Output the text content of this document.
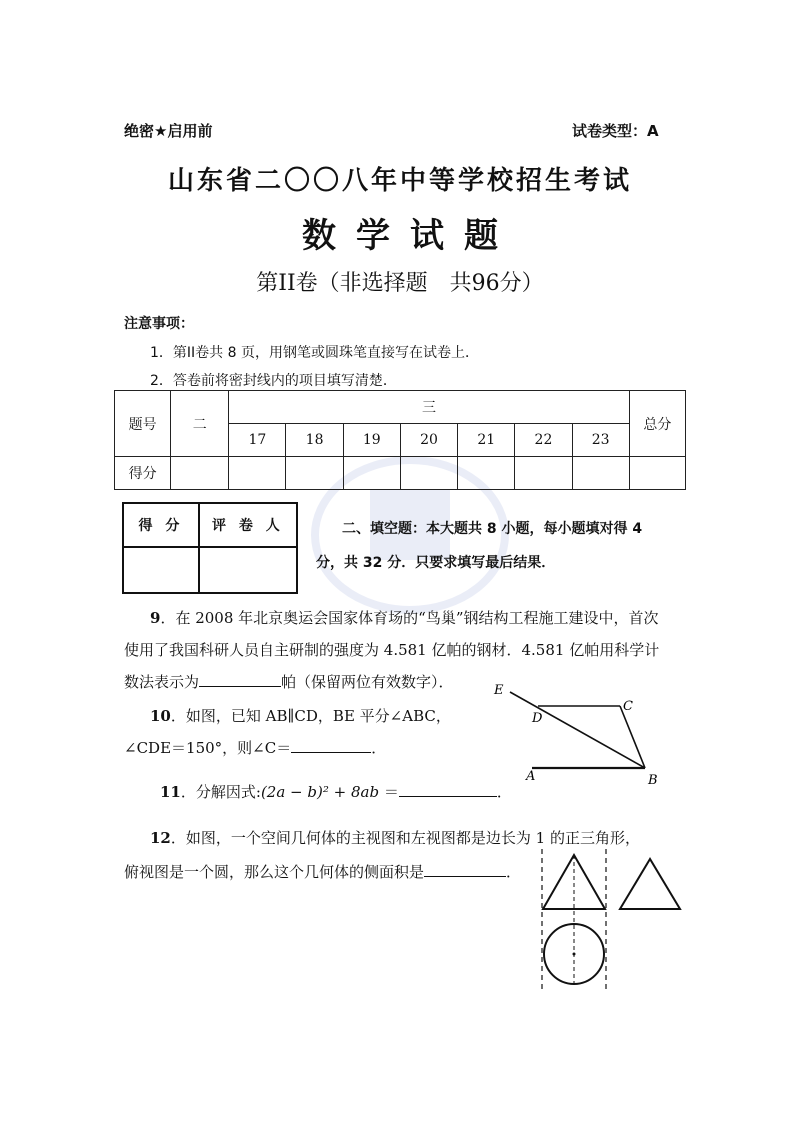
绝密★启用前	试卷类型：A
山东省二〇〇八年中等学校招生考试
数学试题
第II卷（非选择题　共96分）
注意事项：
1．第II卷共 8 页，用钢笔或圆珠笔直接写在试卷上．
2．答卷前将密封线内的项目填写清楚．
题号	二	三							总分
		17	18	19	20	21	22	23	
得分									
得 分	评 卷 人
		二、填空题：本大题共 8 小题，每小题填对得 4
分，共 32 分．只要求填写最后结果．
9．在 2008 年北京奥运会国家体育场的“鸟巢”钢结构工程施工建设中，首次
使用了我国科研人员自主研制的强度为 4.581 亿帕的钢材．4.581 亿帕用科学计
数法表示为	帕（保留两位有效数字）．
10．如图，已知 AB∥CD，BE 平分∠ABC，
∠CDE＝150°，则∠C＝	．
E
D
C
A	B
11．分解因式:(2a − b)² + 8ab ＝	．
12．如图，一个空间几何体的主视图和左视图都是边长为 1 的正三角形，
俯视图是一个圆，那么这个几何体的侧面积是	．
